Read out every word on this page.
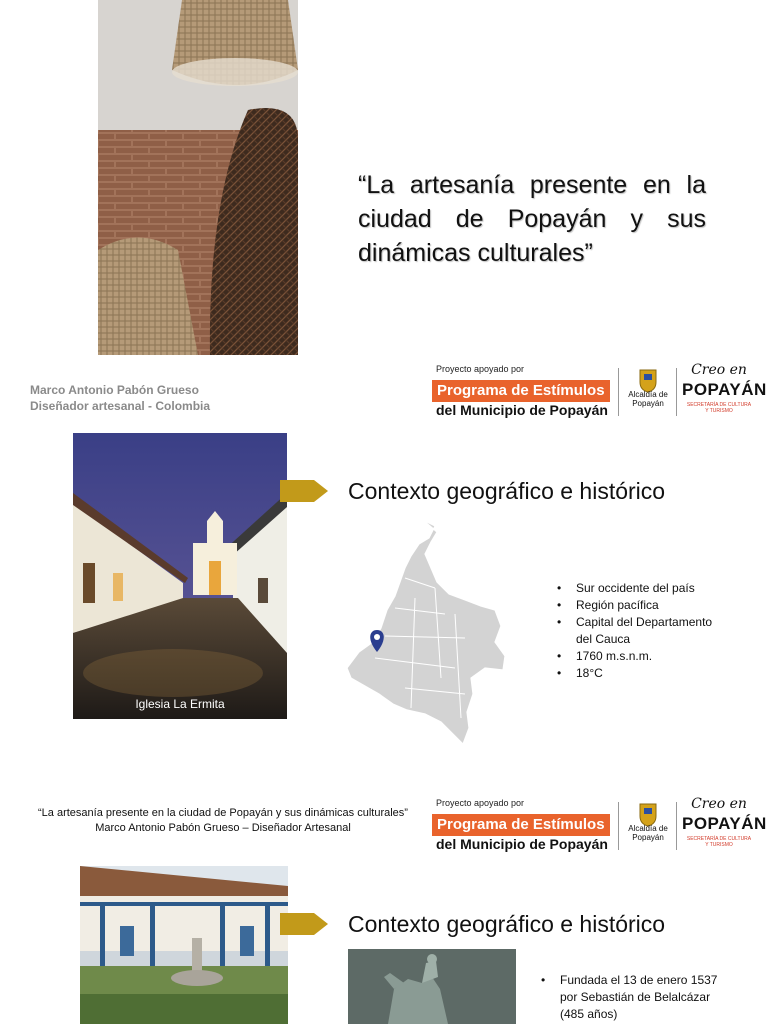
“La artesanía presente en la ciudad de Popayán y sus dinámicas culturales”
Marco Antonio Pabón Grueso
Diseñador artesanal - Colombia
Proyecto apoyado por
Programa de Estímulos
del Municipio de Popayán
Alcaldía de
Popayán
Creo en
POPAYÁN
SECRETARÍA DE CULTURA
Y TURISMO
Iglesia La Ermita
Contexto geográfico e histórico
• Sur occidente del país
• Región pacífica
• Capital del Departamento del Cauca
• 1760 m.s.n.m.
• 18°C
“La artesanía presente en la ciudad de Popayán y sus dinámicas culturales”
Marco Antonio Pabón Grueso – Diseñador Artesanal
Proyecto apoyado por
Programa de Estímulos
del Municipio de Popayán
Alcaldía de
Popayán
Creo en
POPAYÁN
SECRETARÍA DE CULTURA
Y TURISMO
Contexto geográfico e histórico
• Fundada el 13 de enero 1537 por Sebastián de Belalcázar (485 años)
